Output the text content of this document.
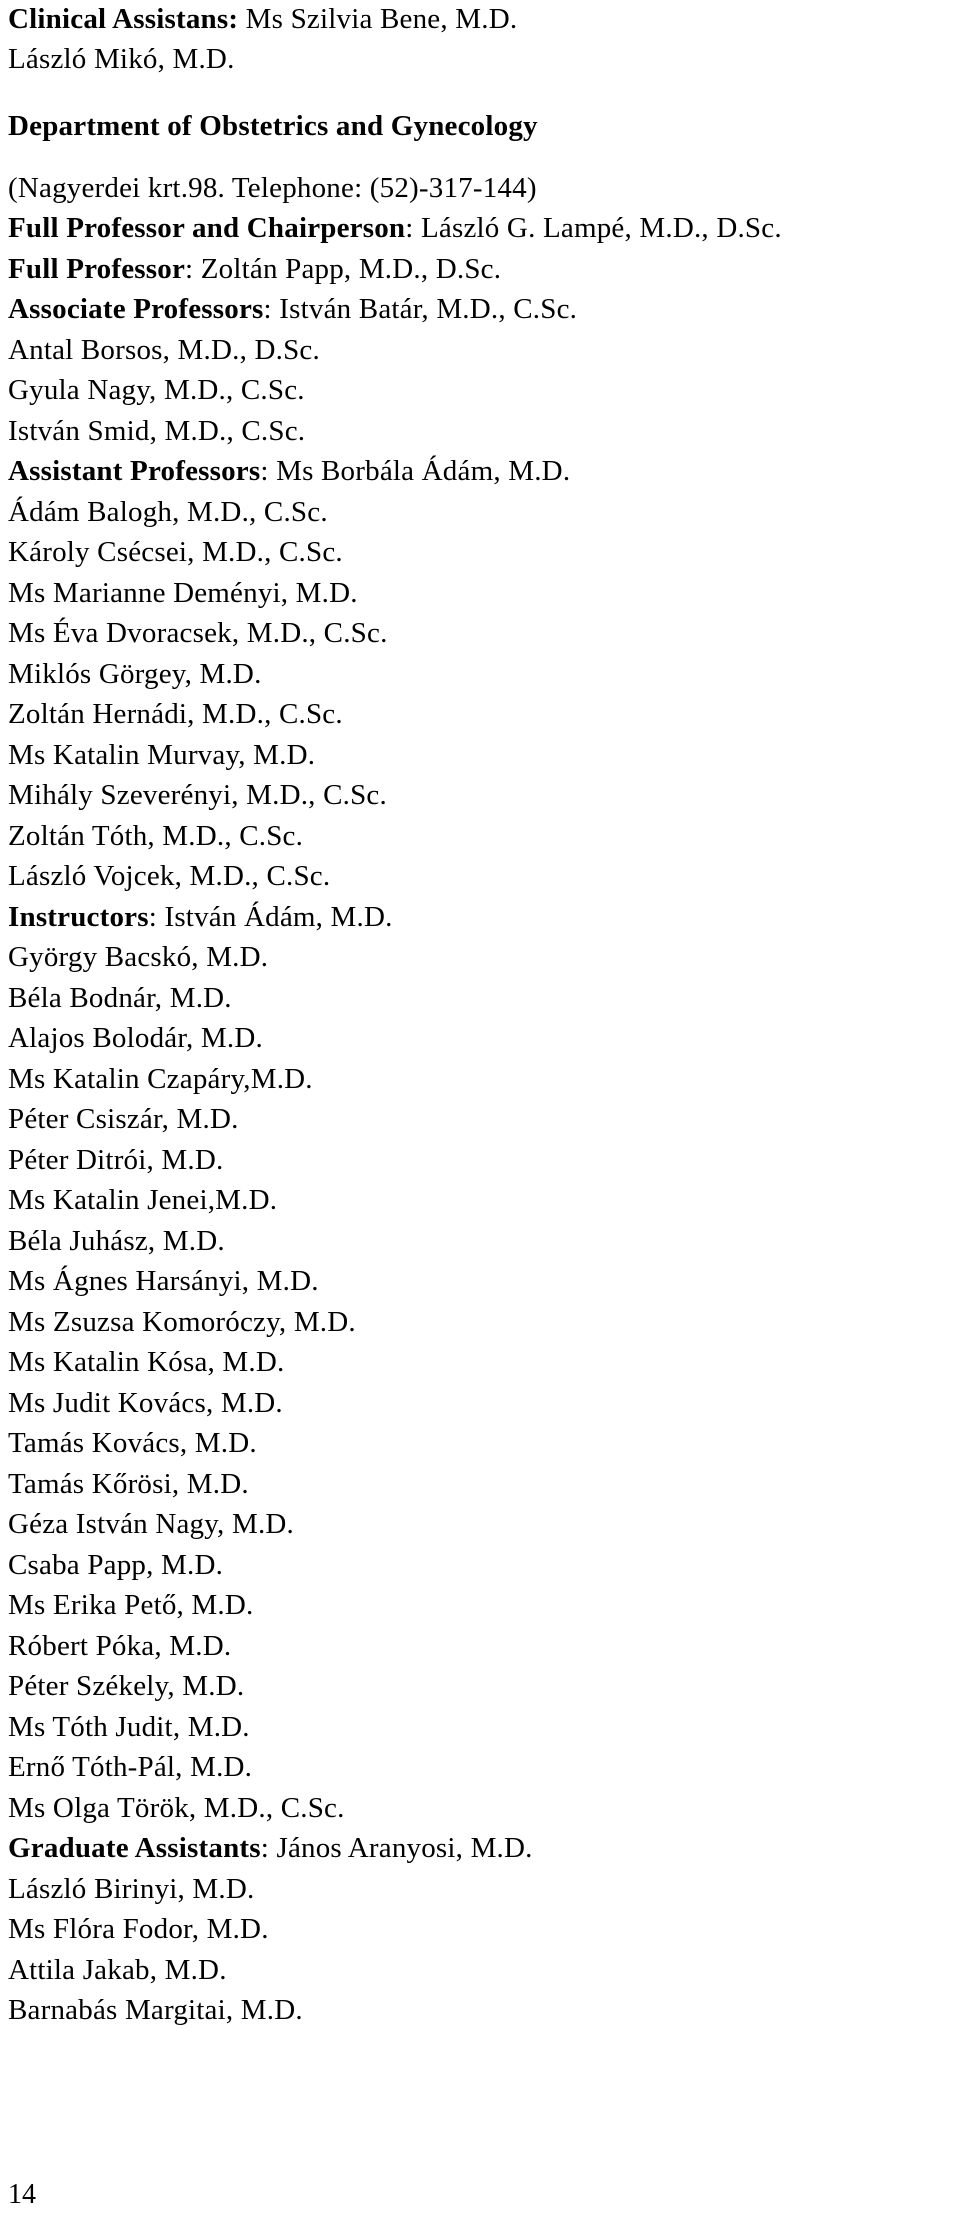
Clinical Assistans: Ms Szilvia Bene, M.D.
László Mikó, M.D.
Department of Obstetrics and Gynecology
(Nagyerdei krt.98. Telephone: (52)-317-144)
Full Professor and Chairperson: László G. Lampé, M.D., D.Sc.
Full Professor: Zoltán Papp, M.D., D.Sc.
Associate Professors: István Batár, M.D., C.Sc.
Antal Borsos, M.D., D.Sc.
Gyula Nagy, M.D., C.Sc.
István Smid, M.D., C.Sc.
Assistant Professors: Ms Borbála Ádám, M.D.
Ádám Balogh, M.D., C.Sc.
Károly Csécsei, M.D., C.Sc.
Ms Marianne Deményi, M.D.
Ms Éva Dvoracsek, M.D., C.Sc.
Miklós Görgey, M.D.
Zoltán Hernádi, M.D., C.Sc.
Ms Katalin Murvay, M.D.
Mihály Szeverényi, M.D., C.Sc.
Zoltán Tóth, M.D., C.Sc.
László Vojcek, M.D., C.Sc.
Instructors: István Ádám, M.D.
György Bacskó, M.D.
Béla Bodnár, M.D.
Alajos Bolodár, M.D.
Ms Katalin Czapáry,M.D.
Péter Csiszár, M.D.
Péter Ditrói, M.D.
Ms Katalin Jenei,M.D.
Béla Juhász, M.D.
Ms Ágnes Harsányi, M.D.
Ms Zsuzsa Komoróczy, M.D.
Ms Katalin Kósa, M.D.
Ms Judit Kovács, M.D.
Tamás Kovács, M.D.
Tamás Kőrösi, M.D.
Géza István Nagy, M.D.
Csaba Papp, M.D.
Ms Erika Pető, M.D.
Róbert Póka, M.D.
Péter Székely, M.D.
Ms Tóth Judit, M.D.
Ernő Tóth-Pál, M.D.
Ms Olga Török, M.D., C.Sc.
Graduate Assistants: János Aranyosi, M.D.
László Birinyi, M.D.
Ms Flóra Fodor, M.D.
Attila Jakab, M.D.
Barnabás Margitai, M.D.
14
